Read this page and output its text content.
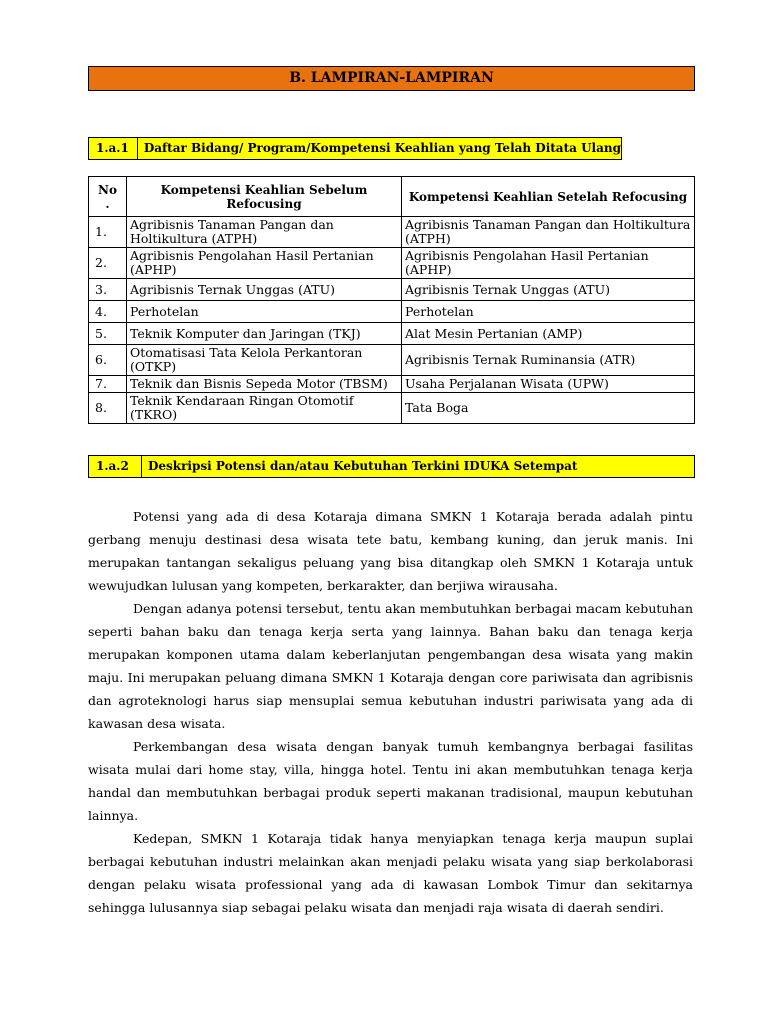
B. LAMPIRAN-LAMPIRAN
1.a.1	Daftar Bidang/ Program/Kompetensi Keahlian yang Telah Ditata Ulang
No .	Kompetensi Keahlian Sebelum Refocusing	Kompetensi Keahlian Setelah Refocusing
1.	Agribisnis Tanaman Pangan dan Holtikultura (ATPH)	Agribisnis Tanaman Pangan dan Holtikultura (ATPH)
2.	Agribisnis Pengolahan Hasil Pertanian (APHP)	Agribisnis Pengolahan Hasil Pertanian (APHP)
3.	Agribisnis Ternak Unggas (ATU)	Agribisnis Ternak Unggas (ATU)
4.	Perhotelan	Perhotelan
5.	Teknik Komputer dan Jaringan (TKJ)	Alat Mesin Pertanian (AMP)
6.	Otomatisasi Tata Kelola Perkantoran (OTKP)	Agribisnis Ternak Ruminansia (ATR)
7.	Teknik dan Bisnis Sepeda Motor (TBSM)	Usaha Perjalanan Wisata (UPW)
8.	Teknik Kendaraan Ringan Otomotif (TKRO)	Tata Boga
1.a.2	Deskripsi Potensi dan/atau Kebutuhan Terkini IDUKA Setempat

Potensi yang ada di desa Kotaraja dimana SMKN 1 Kotaraja berada adalah pintu gerbang menuju destinasi desa wisata tete batu, kembang kuning, dan jeruk manis. Ini merupakan tantangan sekaligus peluang yang bisa ditangkap oleh SMKN 1 Kotaraja untuk wewujudkan lulusan yang kompeten, berkarakter, dan berjiwa wirausaha.

Dengan adanya potensi tersebut, tentu akan membutuhkan berbagai macam kebutuhan seperti bahan baku dan tenaga kerja serta yang lainnya. Bahan baku dan tenaga kerja merupakan komponen utama dalam keberlanjutan pengembangan desa wisata yang makin maju. Ini merupakan peluang dimana SMKN 1 Kotaraja dengan core pariwisata dan agribisnis dan agroteknologi harus siap mensuplai semua kebutuhan industri pariwisata yang ada di kawasan desa wisata.

Perkembangan desa wisata dengan banyak tumuh kembangnya berbagai fasilitas wisata mulai dari home stay, villa, hingga hotel. Tentu ini akan membutuhkan tenaga kerja handal dan membutuhkan berbagai produk seperti makanan tradisional, maupun kebutuhan lainnya.

Kedepan, SMKN 1 Kotaraja tidak hanya menyiapkan tenaga kerja maupun suplai berbagai kebutuhan industri melainkan akan menjadi pelaku wisata yang siap berkolaborasi dengan pelaku wisata professional yang ada di kawasan Lombok Timur dan sekitarnya sehingga lulusannya siap sebagai pelaku wisata dan menjadi raja wisata di daerah sendiri.
